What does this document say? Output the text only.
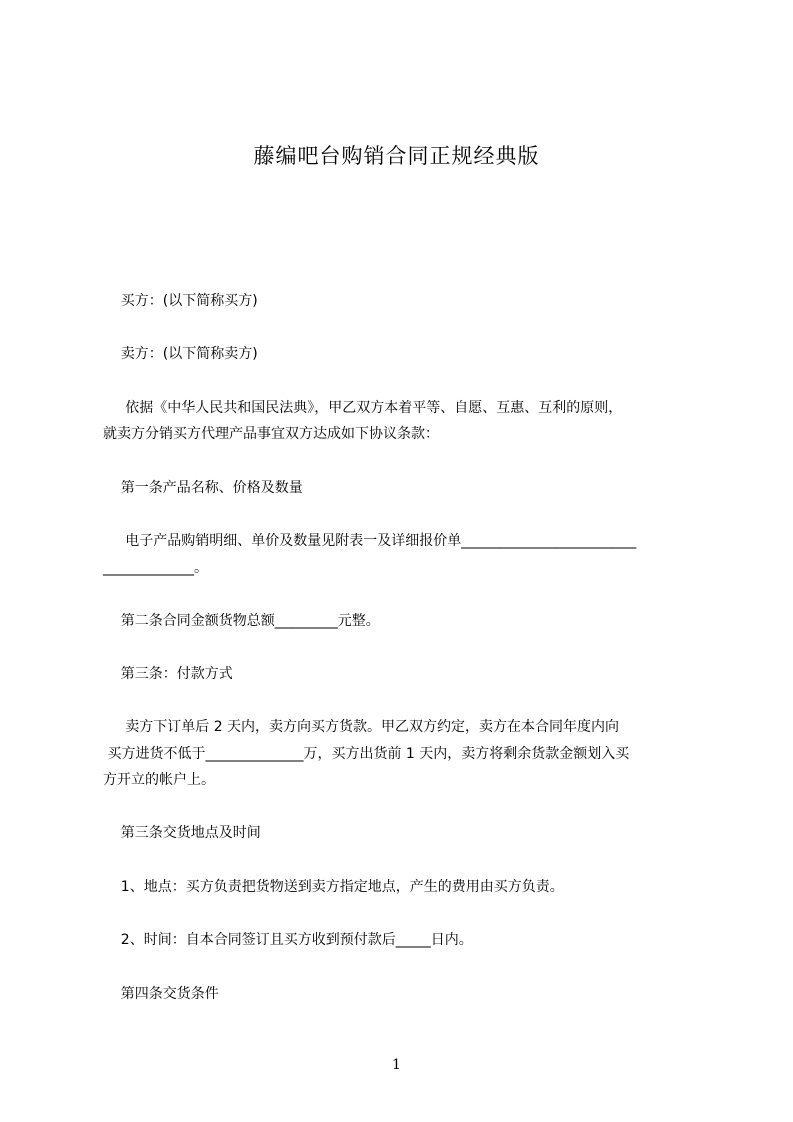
藤编吧台购销合同正规经典版
买方：(以下简称买方)
卖方：(以下简称卖方)
依据《中华人民共和国民法典》，甲乙双方本着平等、自愿、互惠、互利的原则，
就卖方分销买方代理产品事宜双方达成如下协议条款：
第一条产品名称、价格及数量
电子产品购销明细、单价及数量见附表一及详细报价单_________________________
_____________。
第二条合同金额货物总额_________元整。
第三条：付款方式
卖方下订单后 2 天内，卖方向买方货款。甲乙双方约定，卖方在本合同年度内向
买方进货不低于______________万，买方出货前 1 天内，卖方将剩余货款金额划入买
方开立的帐户上。
第三条交货地点及时间
1、地点：买方负责把货物送到卖方指定地点，产生的费用由买方负责。
2、时间：自本合同签订且买方收到预付款后_____日内。
第四条交货条件
1
